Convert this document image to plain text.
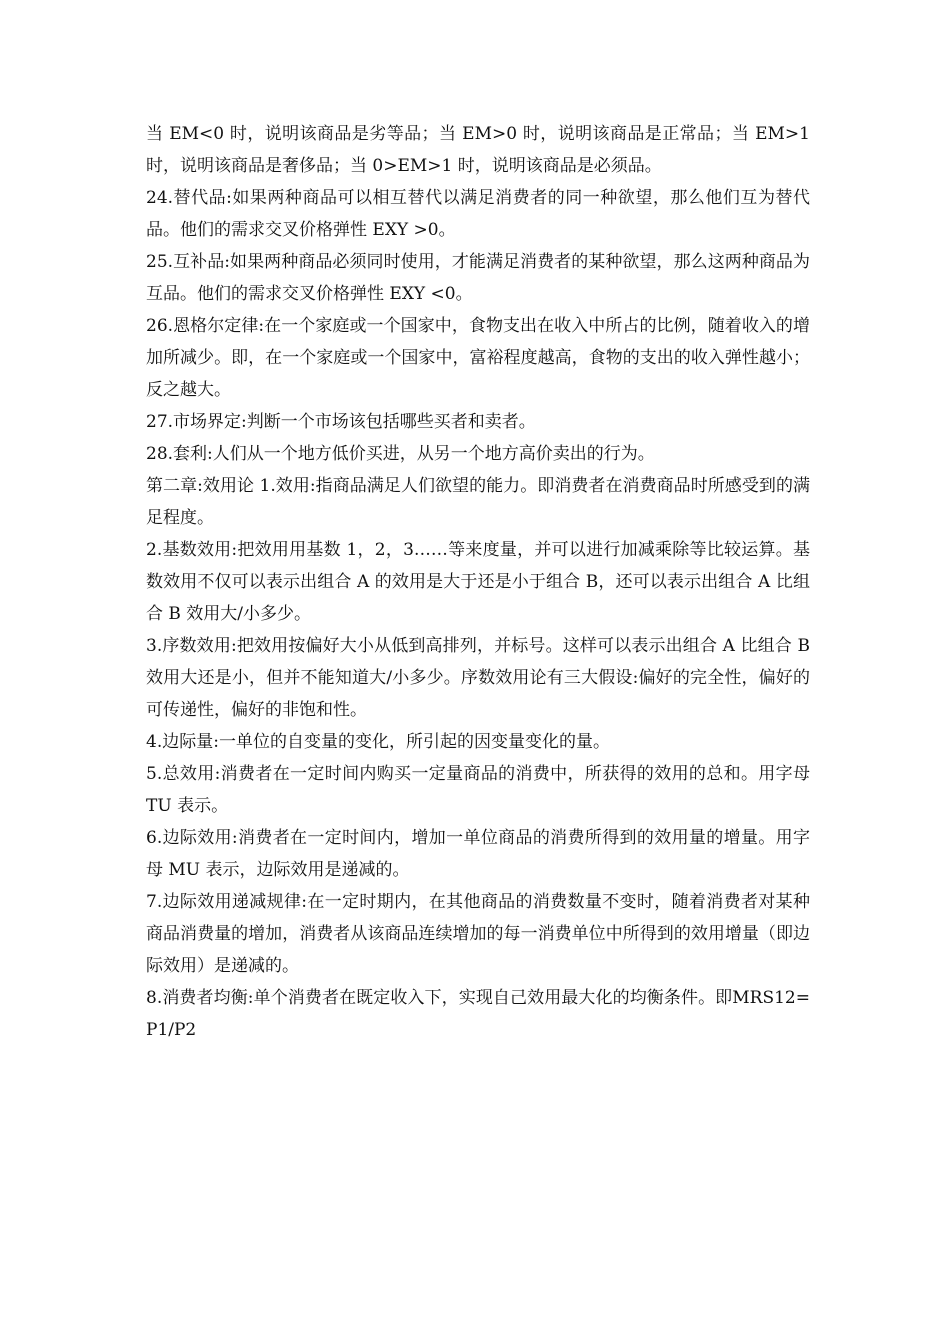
当 EM<0 时，说明该商品是劣等品；当 EM>0 时，说明该商品是正常品；当 EM>1 时，说明该商品是奢侈品；当 0>EM>1 时，说明该商品是必须品。

24.替代品:如果两种商品可以相互替代以满足消费者的同一种欲望，那么他们互为替代品。他们的需求交叉价格弹性 EXY >0。

25.互补品:如果两种商品必须同时使用，才能满足消费者的某种欲望，那么这两种商品为互品。他们的需求交叉价格弹性 EXY <0。

26.恩格尔定律:在一个家庭或一个国家中，食物支出在收入中所占的比例，随着收入的增加所减少。即，在一个家庭或一个国家中，富裕程度越高，食物的支出的收入弹性越小；反之越大。

27.市场界定:判断一个市场该包括哪些买者和卖者。

28.套利:人们从一个地方低价买进，从另一个地方高价卖出的行为。

第二章:效用论 1.效用:指商品满足人们欲望的能力。即消费者在消费商品时所感受到的满足程度。

2.基数效用:把效用用基数 1，2，3……等来度量，并可以进行加减乘除等比较运算。基数效用不仅可以表示出组合 A 的效用是大于还是小于组合 B，还可以表示出组合 A 比组合 B 效用大/小多少。

3.序数效用:把效用按偏好大小从低到高排列，并标号。这样可以表示出组合 A 比组合 B 效用大还是小，但并不能知道大/小多少。序数效用论有三大假设:偏好的完全性，偏好的可传递性，偏好的非饱和性。

4.边际量:一单位的自变量的变化，所引起的因变量变化的量。

5.总效用:消费者在一定时间内购买一定量商品的消费中，所获得的效用的总和。用字母 TU 表示。

6.边际效用:消费者在一定时间内，增加一单位商品的消费所得到的效用量的增量。用字母 MU 表示，边际效用是递减的。

7.边际效用递减规律:在一定时期内，在其他商品的消费数量不变时，随着消费者对某种商品消费量的增加，消费者从该商品连续增加的每一消费单位中所得到的效用增量（即边际效用）是递减的。

8.消费者均衡:单个消费者在既定收入下，实现自己效用最大化的均衡条件。即MRS12=P1/P2
